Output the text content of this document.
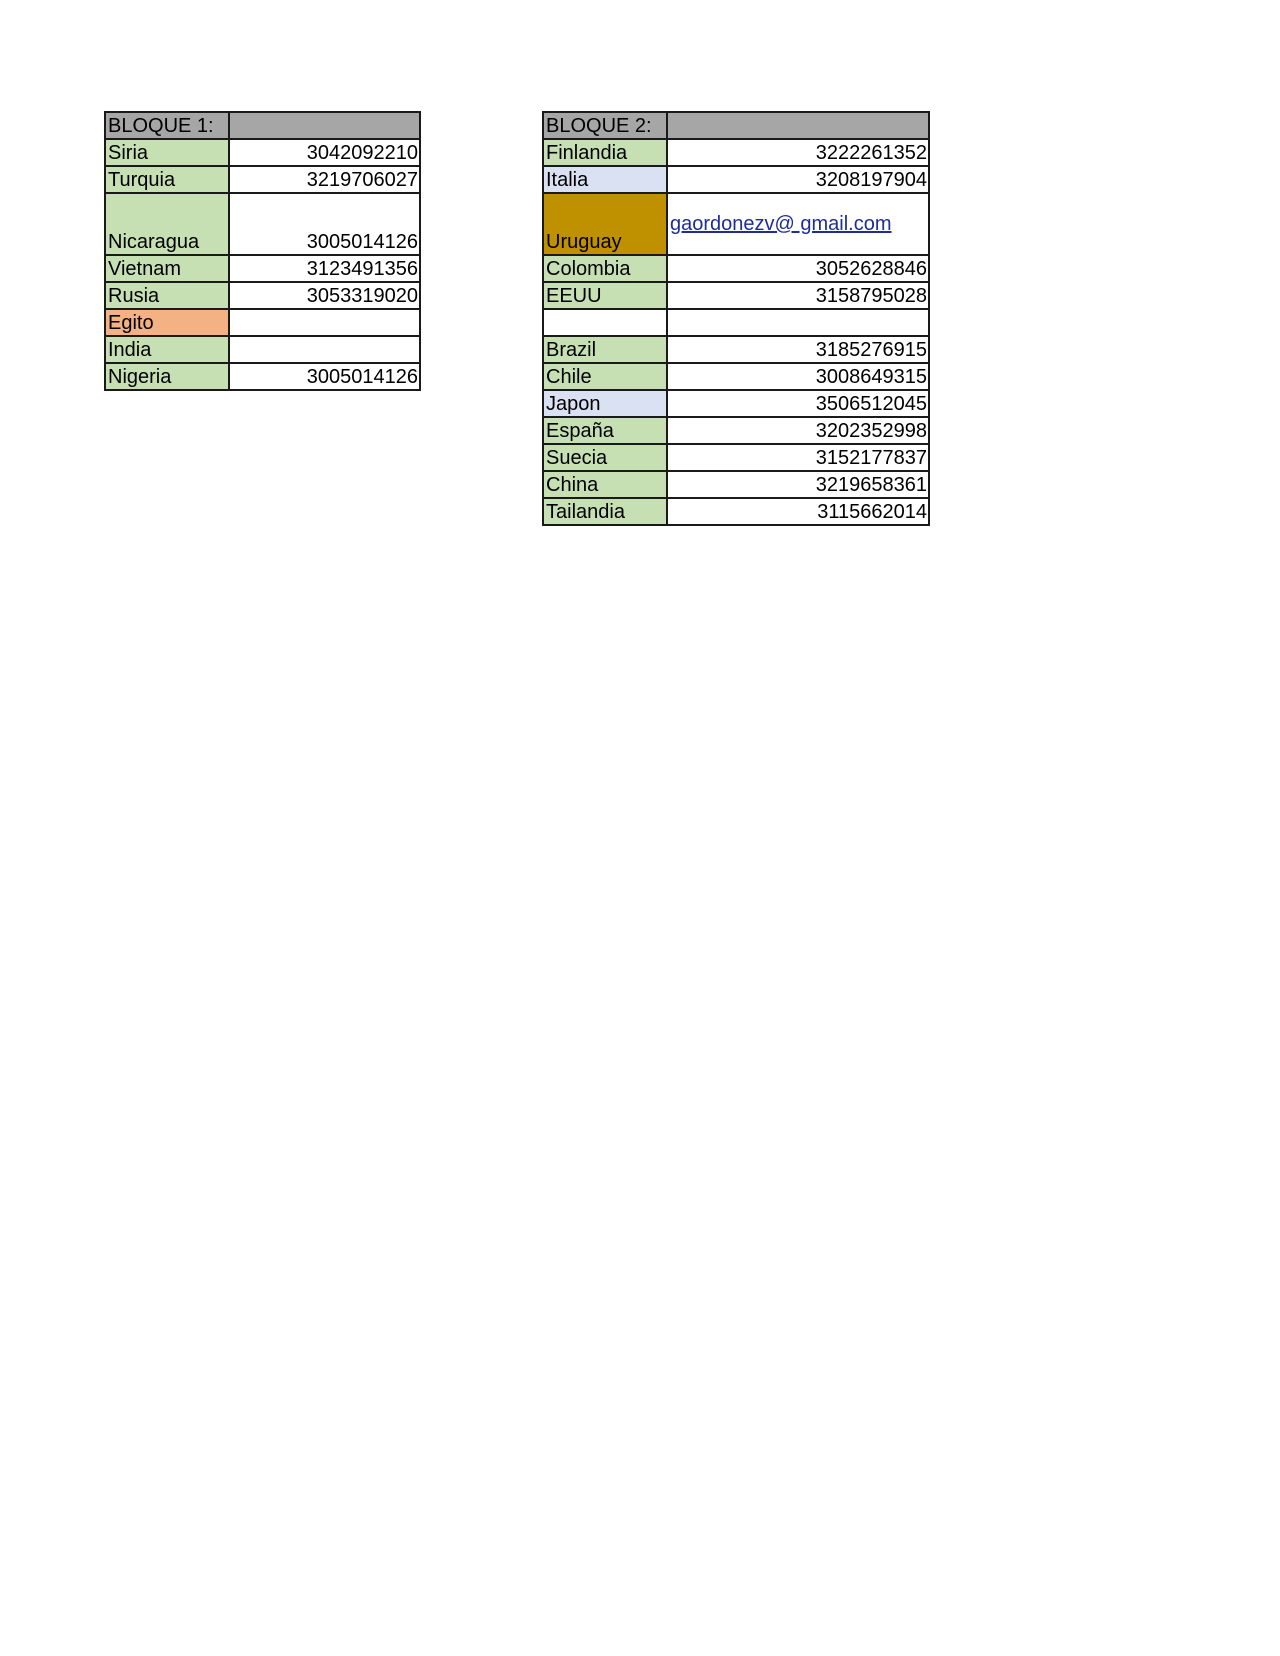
BLOQUE 1:	
Siria	3042092210
Turquia	3219706027
Nicaragua	3005014126
Vietnam	3123491356
Rusia	3053319020
Egito	
India	
Nigeria	3005014126
BLOQUE 2:	
Finlandia	3222261352
Italia	3208197904
Uruguay	gaordonezv@ gmail.com
Colombia	3052628846
EEUU	3158795028

Brazil	3185276915
Chile	3008649315
Japon	3506512045
España	3202352998
Suecia	3152177837
China	3219658361
Tailandia	3115662014
